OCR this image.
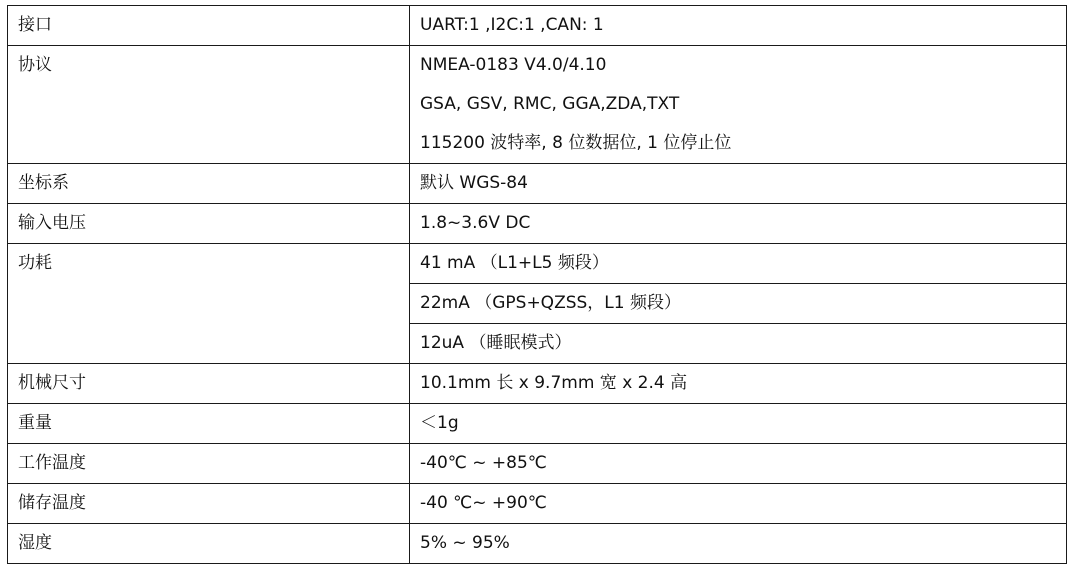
接口	UART:1 ,I2C:1 ,CAN: 1
协议	NMEA-0183 V4.0/4.10
GSA, GSV, RMC, GGA,ZDA,TXT
115200 波特率, 8 位数据位, 1 位停止位

坐标系	默认 WGS-84
输入电压	1.8~3.6V DC
功耗	41 mA （L1+L5 频段）
	22mA （GPS+QZSS，L1 频段）
	12uA （睡眠模式）
机械尺寸	10.1mm 长 x 9.7mm 宽 x 2.4 高
重量	＜1g
工作温度	-40℃ ~ +85℃
储存温度	-40 ℃~ +90℃
湿度	5% ~ 95%
